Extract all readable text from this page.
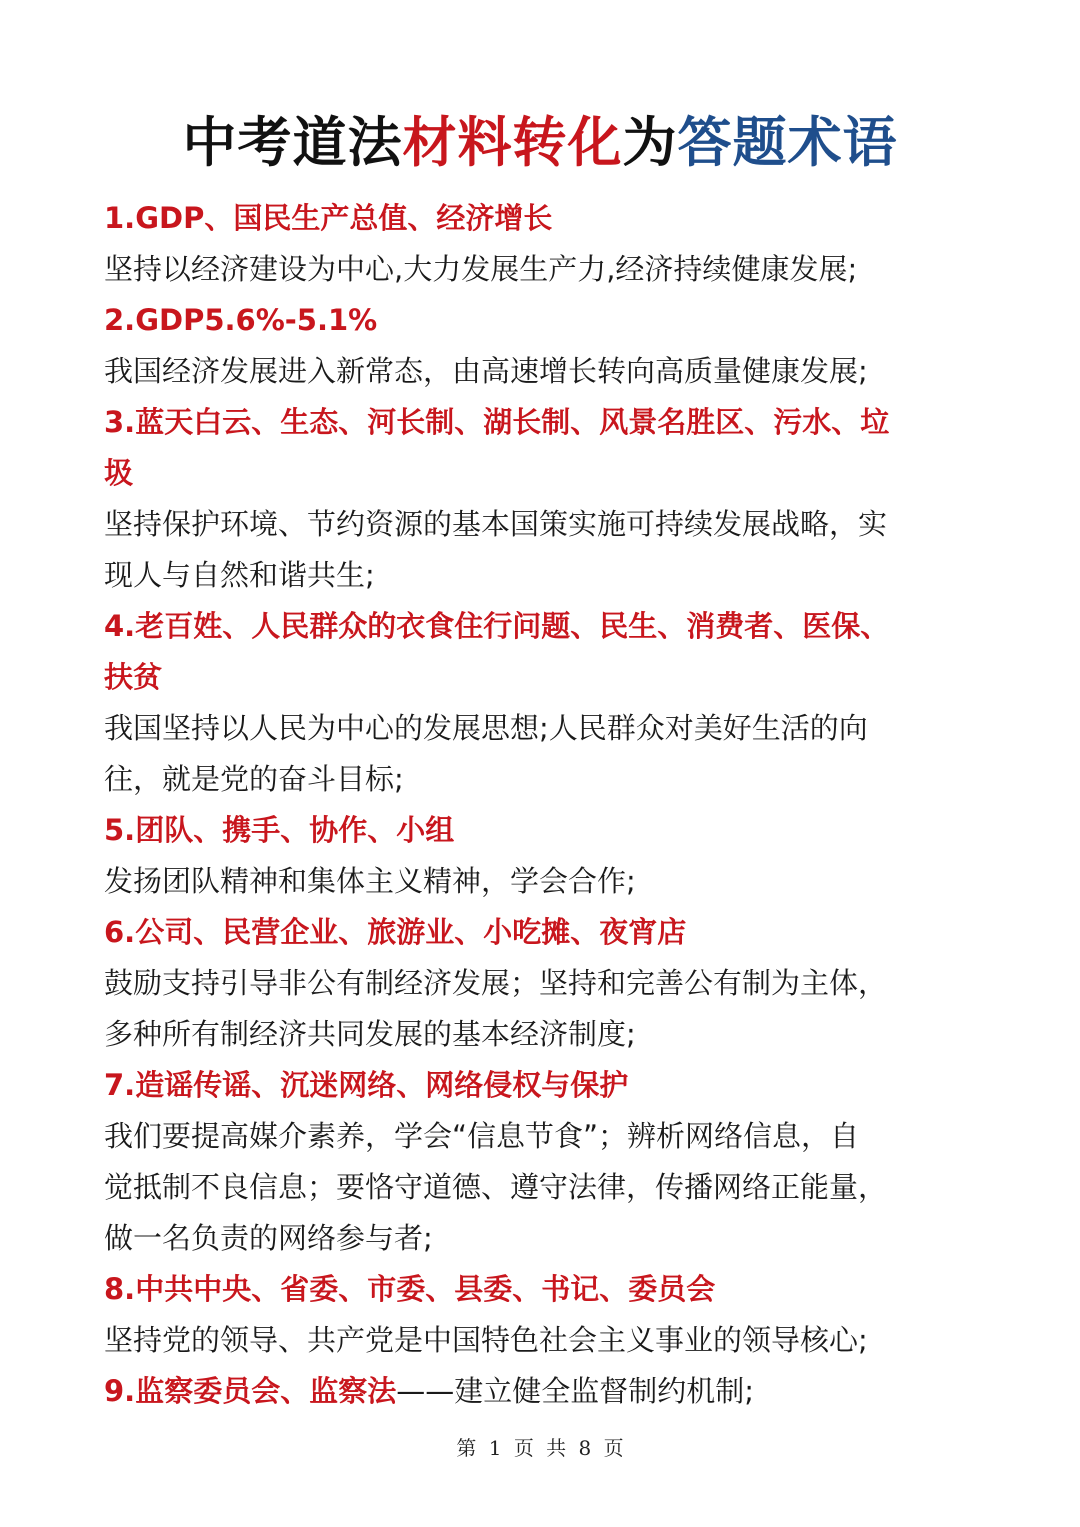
中考道法材料转化为答题术语
1.GDP、国民生产总值、经济增长
坚持以经济建设为中心,大力发展生产力,经济持续健康发展;
2.GDP5.6%-5.1%
我国经济发展进入新常态，由高速增长转向高质量健康发展;
3.蓝天白云、生态、河长制、湖长制、风景名胜区、污水、垃
圾
坚持保护环境、节约资源的基本国策实施可持续发展战略，实
现人与自然和谐共生;
4.老百姓、人民群众的衣食住行问题、民生、消费者、医保、
扶贫
我国坚持以人民为中心的发展思想;人民群众对美好生活的向
往，就是党的奋斗目标;
5.团队、携手、协作、小组
发扬团队精神和集体主义精神，学会合作;
6.公司、民营企业、旅游业、小吃摊、夜宵店
鼓励支持引导非公有制经济发展；坚持和完善公有制为主体，
多种所有制经济共同发展的基本经济制度;
7.造谣传谣、沉迷网络、网络侵权与保护
我们要提高媒介素养，学会“信息节食”；辨析网络信息，自
觉抵制不良信息；要恪守道德、遵守法律，传播网络正能量，
做一名负责的网络参与者;
8.中共中央、省委、市委、县委、书记、委员会
坚持党的领导、共产党是中国特色社会主义事业的领导核心;
9.监察委员会、监察法——建立健全监督制约机制;
第 1 页 共 8 页
